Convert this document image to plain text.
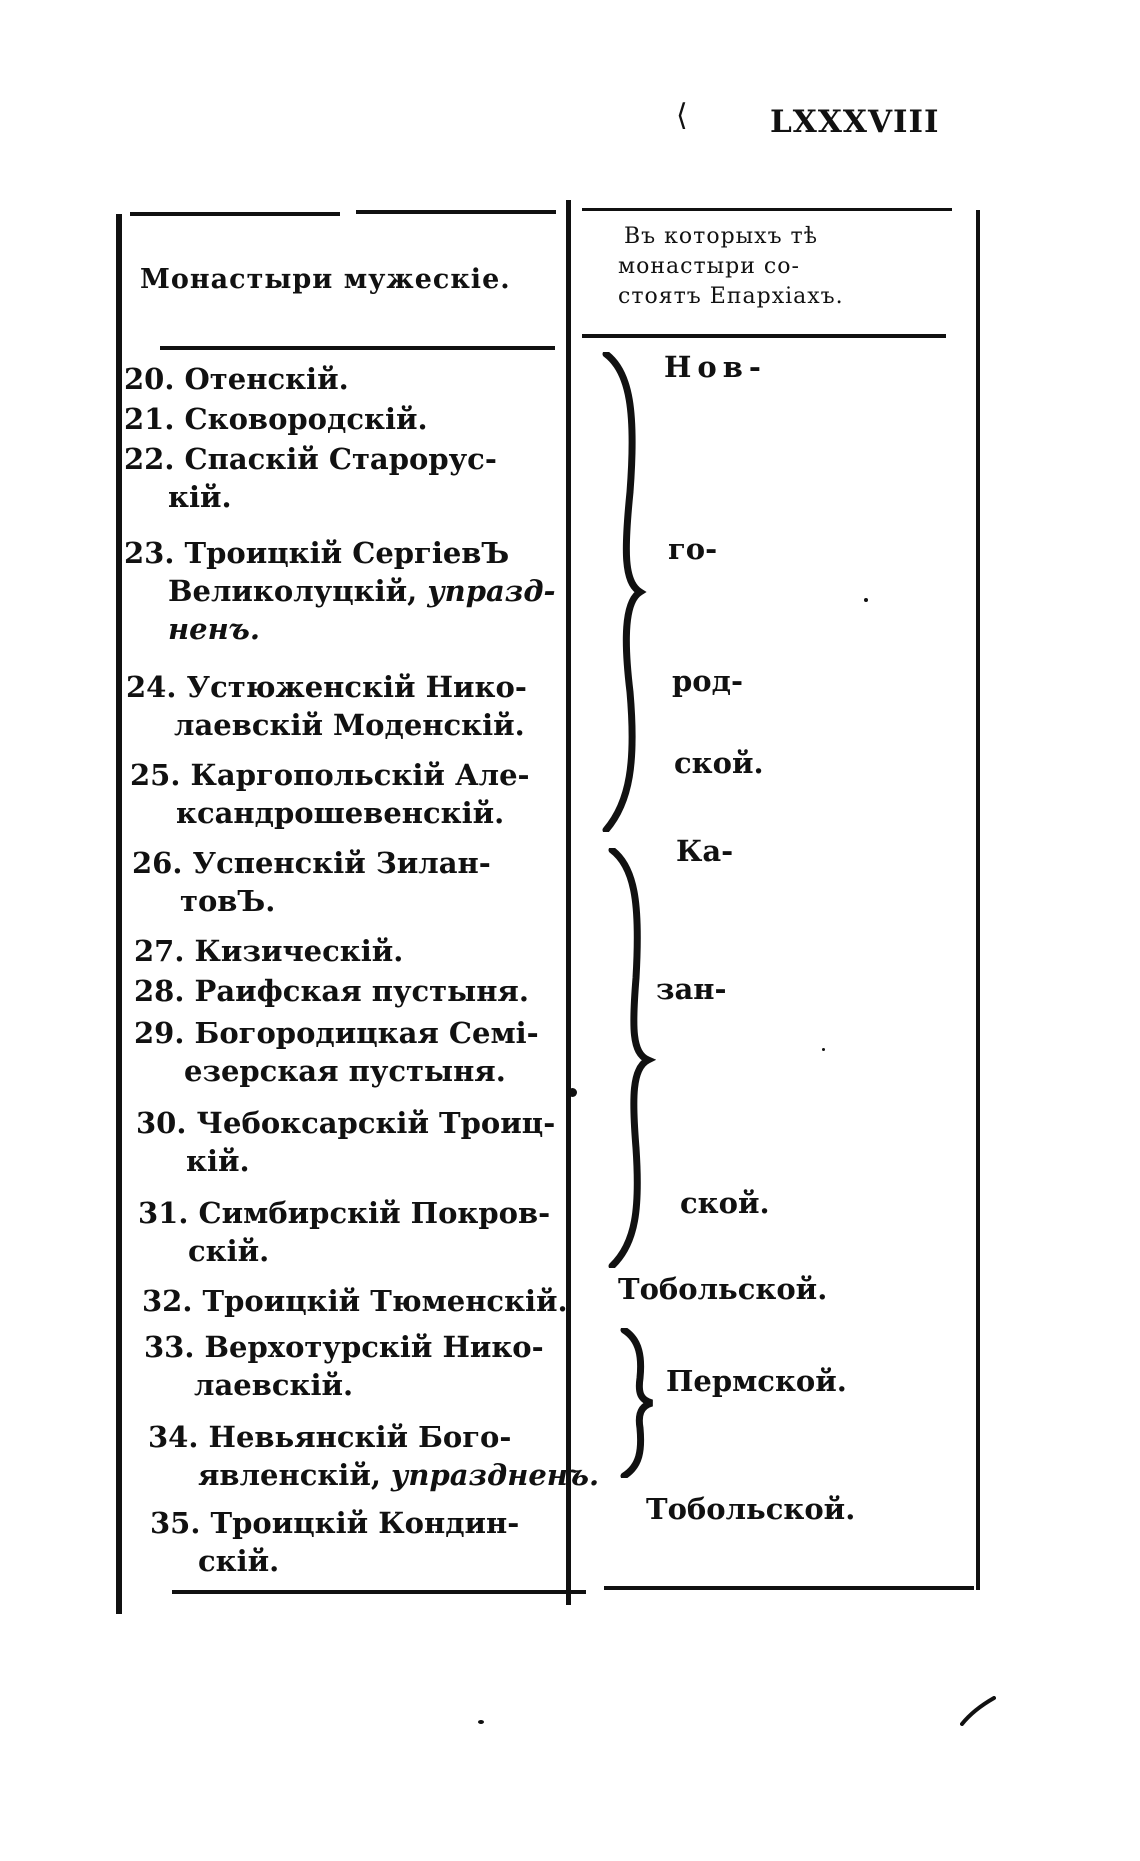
⟨	LXXXVIII
Монастыри мужескіе.
Въ которыхъ тѣ
монастыри со-
стоятъ Епархіахъ.
20. Отенскій.
21. Сковородскій.
22. Спаскій Старорус-
кій.
23. Троицкій СергіевЪ
Великолуцкій, упразд-
ненъ.
24. Устюженскій Нико-
лаевскій Моденскій.
25. Каргопольскій Але-
ксандрошевенскій.
26. Успенскій Зилан-
товЪ.
27. Кизическій.
28. Раифская пустыня.
29. Богородицкая Семі-
езерская пустыня.
30. Чебоксарскій Троиц-
кій.
31. Симбирскій Покров-
скій.
32. Троицкій Тюменскій.
33. Верхотурскій Нико-
лаевскій.
34. Невьянскій Бого-
явленскій, упраздненъ.
35. Троицкій Кондин-
скій.
Нов-
го-
род-
ской.
Ка-
зан-
ской.
Тобольской.
Пермской.
Тобольской.
